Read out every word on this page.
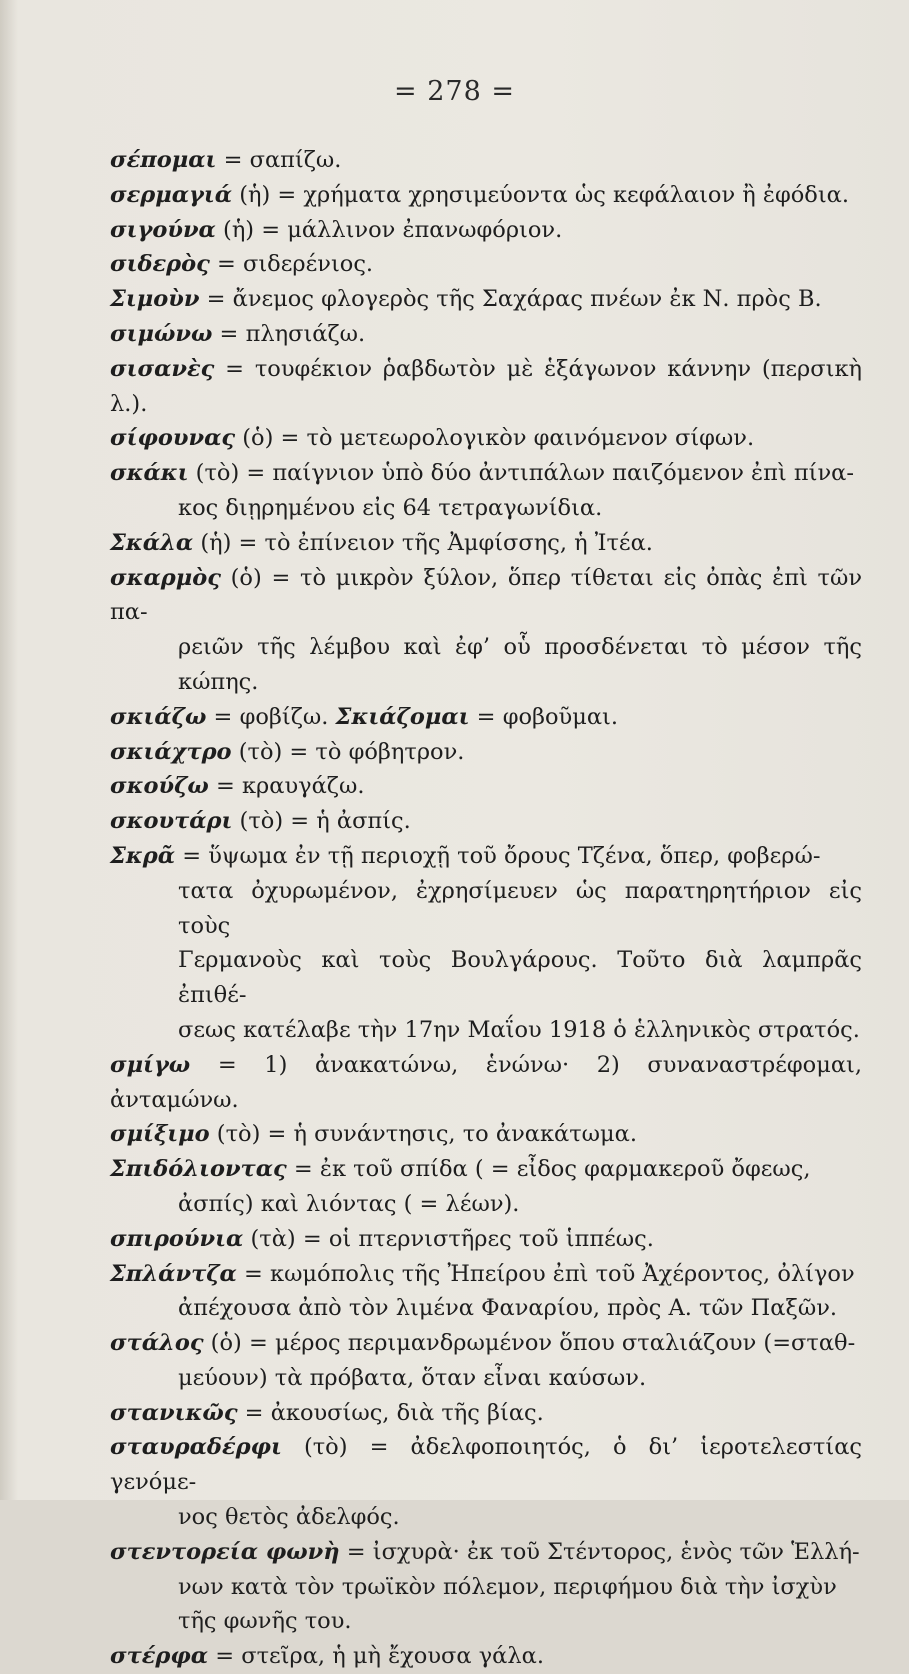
= 278 =

σέπομαι = σαπίζω.

σερμαγιά (ἡ) = χρήματα χρησιμεύοντα ὡς κεφάλαιον ἢ ἐφόδια.

σιγούνα (ἡ) = μάλλινον ἐπανωφόριον.

σιδερὸς = σιδερένιος.

Σιμοὺν = ἄνεμος φλογερὸς τῆς Σαχάρας πνέων ἐκ Ν. πρὸς Β.

σιμώνω = πλησιάζω.

σισανὲς = τουφέκιον ῥαβδωτὸν μὲ ἑξάγωνον κάννην (περσικὴ λ.).

σίφουνας (ὁ) = τὸ μετεωρολογικὸν φαινόμενον σίφων.

σκάκι (τὸ) = παίγνιον ὑπὸ δύο ἀντιπάλων παιζόμενον ἐπὶ πίνα-

κος διῃρημένου εἰς 64 τετραγωνίδια.

Σκάλα (ἡ) = τὸ ἐπίνειον τῆς Ἀμφίσσης, ἡ Ἰτέα.

σκαρμὸς (ὁ) = τὸ μικρὸν ξύλον, ὅπερ τίθεται εἰς ὀπὰς ἐπὶ τῶν πα-

ρειῶν τῆς λέμβου καὶ ἐφ’ οὗ προσδένεται τὸ μέσον τῆς κώπης.

σκιάζω = φοβίζω. Σκιάζομαι = φοβοῦμαι.

σκιάχτρο (τὸ) = τὸ φόβητρον.

σκούζω = κραυγάζω.

σκουτάρι (τὸ) = ἡ ἀσπίς.

Σκρᾶ = ὕψωμα ἐν τῇ περιοχῇ τοῦ ὄρους Τζένα, ὅπερ, φοβερώ-

τατα ὀχυρωμένον, ἐχρησίμευεν ὡς παρατηρητήριον εἰς τοὺς
Γερμανοὺς καὶ τοὺς Βουλγάρους. Τοῦτο διὰ λαμπρᾶς ἐπιθέ-
σεως κατέλαβε τὴν 17ην Μαΐου 1918 ὁ ἑλληνικὸς στρατός.

σμίγω = 1) ἀνακατώνω, ἑνώνω· 2) συναναστρέφομαι, ἀνταμώνω.

σμίξιμο (τὸ) = ἡ συνάντησις, το ἀνακάτωμα.

Σπιδόλιοντας = ἐκ τοῦ σπίδα ( = εἶδος φαρμακεροῦ ὄφεως,

ἀσπίς) καὶ λιόντας ( = λέων).

σπιρούνια (τὰ) = οἱ πτερνιστῆρες τοῦ ἱππέως.

Σπλάντζα = κωμόπολις τῆς Ἠπείρου ἐπὶ τοῦ Ἀχέροντος, ὀλίγον

ἀπέχουσα ἀπὸ τὸν λιμένα Φαναρίου, πρὸς Α. τῶν Παξῶν.

στάλος (ὁ) = μέρος περιμανδρωμένον ὅπου σταλιάζουν (=σταθ-

μεύουν) τὰ πρόβατα, ὅταν εἶναι καύσων.

στανικῶς = ἀκουσίως, διὰ τῆς βίας.

σταυραδέρφι (τὸ) = ἀδελφοποιητός, ὁ δι’ ἱεροτελεστίας γενόμε-

νος θετὸς ἀδελφός.

στεντορεία φωνὴ = ἰσχυρὰ· ἐκ τοῦ Στέντορος, ἑνὸς τῶν Ἑλλή-

νων κατὰ τὸν τρωϊκὸν πόλεμον, περιφήμου διὰ τὴν ἰσχὺν
τῆς φωνῆς του.

στέρφα = στεῖρα, ἡ μὴ ἔχουσα γάλα.
